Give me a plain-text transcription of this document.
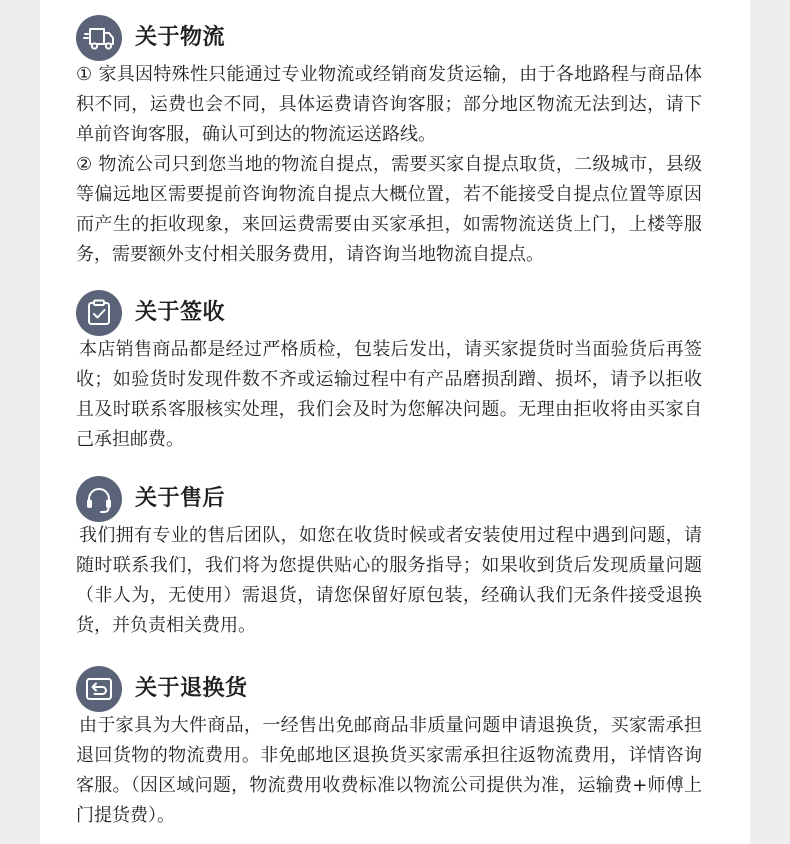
关于物流

① 家具因特殊性只能通过专业物流或经销商发货运输，由于各地路程与商品体

积不同，运费也会不同，具体运费请咨询客服；部分地区物流无法到达，请下

单前咨询客服，确认可到达的物流运送路线。

② 物流公司只到您当地的物流自提点，需要买家自提点取货，二级城市，县级

等偏远地区需要提前咨询物流自提点大概位置，若不能接受自提点位置等原因

而产生的拒收现象，来回运费需要由买家承担，如需物流送货上门，上楼等服

务，需要额外支付相关服务费用，请咨询当地物流自提点。

关于签收

本店销售商品都是经过严格质检，包装后发出，请买家提货时当面验货后再签

收；如验货时发现件数不齐或运输过程中有产品磨损刮蹭、损坏，请予以拒收

且及时联系客服核实处理，我们会及时为您解决问题。无理由拒收将由买家自

己承担邮费。

关于售后

我们拥有专业的售后团队，如您在收货时候或者安装使用过程中遇到问题，请

随时联系我们，我们将为您提供贴心的服务指导；如果收到货后发现质量问题

（非人为，无使用）需退货，请您保留好原包装，经确认我们无条件接受退换

货，并负责相关费用。

关于退换货

由于家具为大件商品，一经售出免邮商品非质量问题申请退换货，买家需承担

退回货物的物流费用。非免邮地区退换货买家需承担往返物流费用，详情咨询

客服。（因区域问题，物流费用收费标准以物流公司提供为准，运输费+师傅上

门提货费）。
